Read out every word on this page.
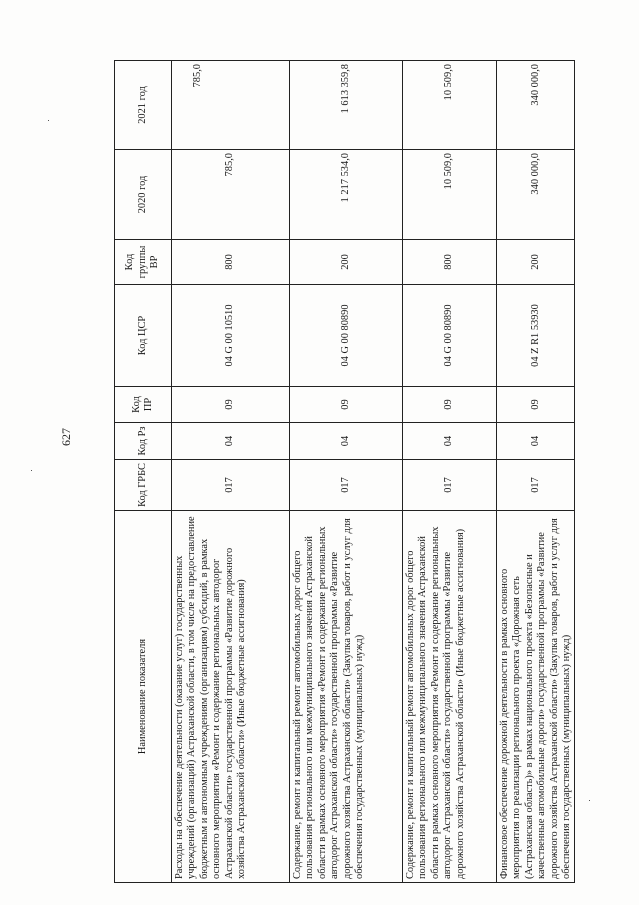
627
Наименование показателя	Код ГРБС	Код Рз	Код ПР	Код ЦСР	Код группы ВР	2020 год	2021 год
Расходы на обеспечение деятельности (оказание услуг) государственных учреждений (организаций) Астраханской области, в том числе на предоставление бюджетным и автономным учреждениям (организациям) субсидий, в рамках основного мероприятия «Ремонт и содержание региональных автодорог Астраханской области» государственной программы «Развитие дорожного хозяйства Астраханской области» (Иные бюджетные ассигнования)	017	04	09	04 G 00 10510	800	785,0	785,0
Содержание, ремонт и капитальный ремонт автомобильных дорог общего пользования регионального или межмуниципального значения Астраханской области в рамках основного мероприятия «Ремонт и содержание региональных автодорог Астраханской области» государственной программы «Развитие дорожного хозяйства Астраханской области» (Закупка товаров, работ и услуг для обеспечения государственных (муниципальных) нужд)	017	04	09	04 G 00 80890	200	1 217 534,0	1 613 359,8
Содержание, ремонт и капитальный ремонт автомобильных дорог общего пользования регионального или межмуниципального значения Астраханской области в рамках основного мероприятия «Ремонт и содержание региональных автодорог Астраханской области» государственной программы «Развитие дорожного хозяйства Астраханской области» (Иные бюджетные ассигнования)	017	04	09	04 G 00 80890	800	10 509,0	10 509,0
Финансовое обеспечение дорожной деятельности в рамках основного мероприятия по реализации регионального проекта «Дорожная сеть (Астраханская область)» в рамках национального проекта «Безопасные и качественные автомобильные дороги» государственной программы «Развитие дорожного хозяйства Астраханской области» (Закупка товаров, работ и услуг для обеспечения государственных (муниципальных) нужд)	017	04	09	04 Z R1 53930	200	340 000,0	340 000,0
